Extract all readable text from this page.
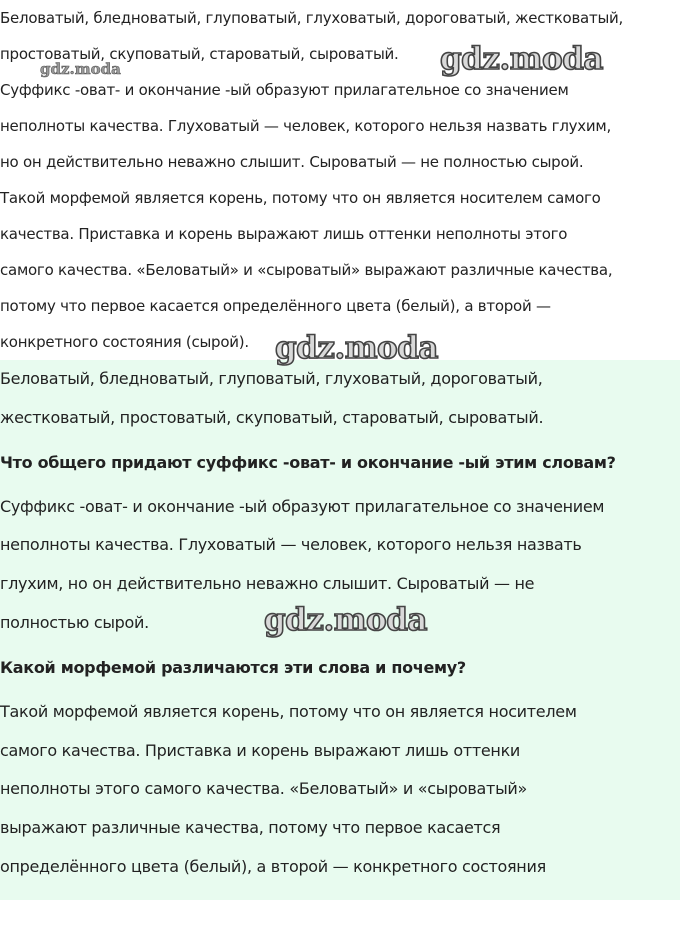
Беловатый, бледноватый, глуповатый, глуховатый, дороговатый, жестковатый,

простоватый, скуповатый, староватый, сыроватый.

Суффикс -оват- и окончание -ый образуют прилагательное со значением

неполноты качества. Глуховатый — человек, которого нельзя назвать глухим,

но он действительно неважно слышит. Сыроватый — не полностью сырой.

Такой морфемой является корень, потому что он является носителем самого

качества. Приставка и корень выражают лишь оттенки неполноты этого

самого качества. «Беловатый» и «сыроватый» выражают различные качества,

потому что первое касается определённого цвета (белый), а второй —

конкретного состояния (сырой).

Беловатый, бледноватый, глуповатый, глуховатый, дороговатый,

жестковатый, простоватый, скуповатый, староватый, сыроватый.

Что общего придают суффикс -оват- и окончание -ый этим словам?

Суффикс -оват- и окончание -ый образуют прилагательное со значением

неполноты качества. Глуховатый — человек, которого нельзя назвать

глухим, но он действительно неважно слышит. Сыроватый — не

полностью сырой.

Какой морфемой различаются эти слова и почему?

Такой морфемой является корень, потому что он является носителем

самого качества. Приставка и корень выражают лишь оттенки

неполноты этого самого качества. «Беловатый» и «сыроватый»

выражают различные качества, потому что первое касается

определённого цвета (белый), а второй — конкретного состояния

gdz.moda	gdz.moda
gdz.moda
gdz.moda
